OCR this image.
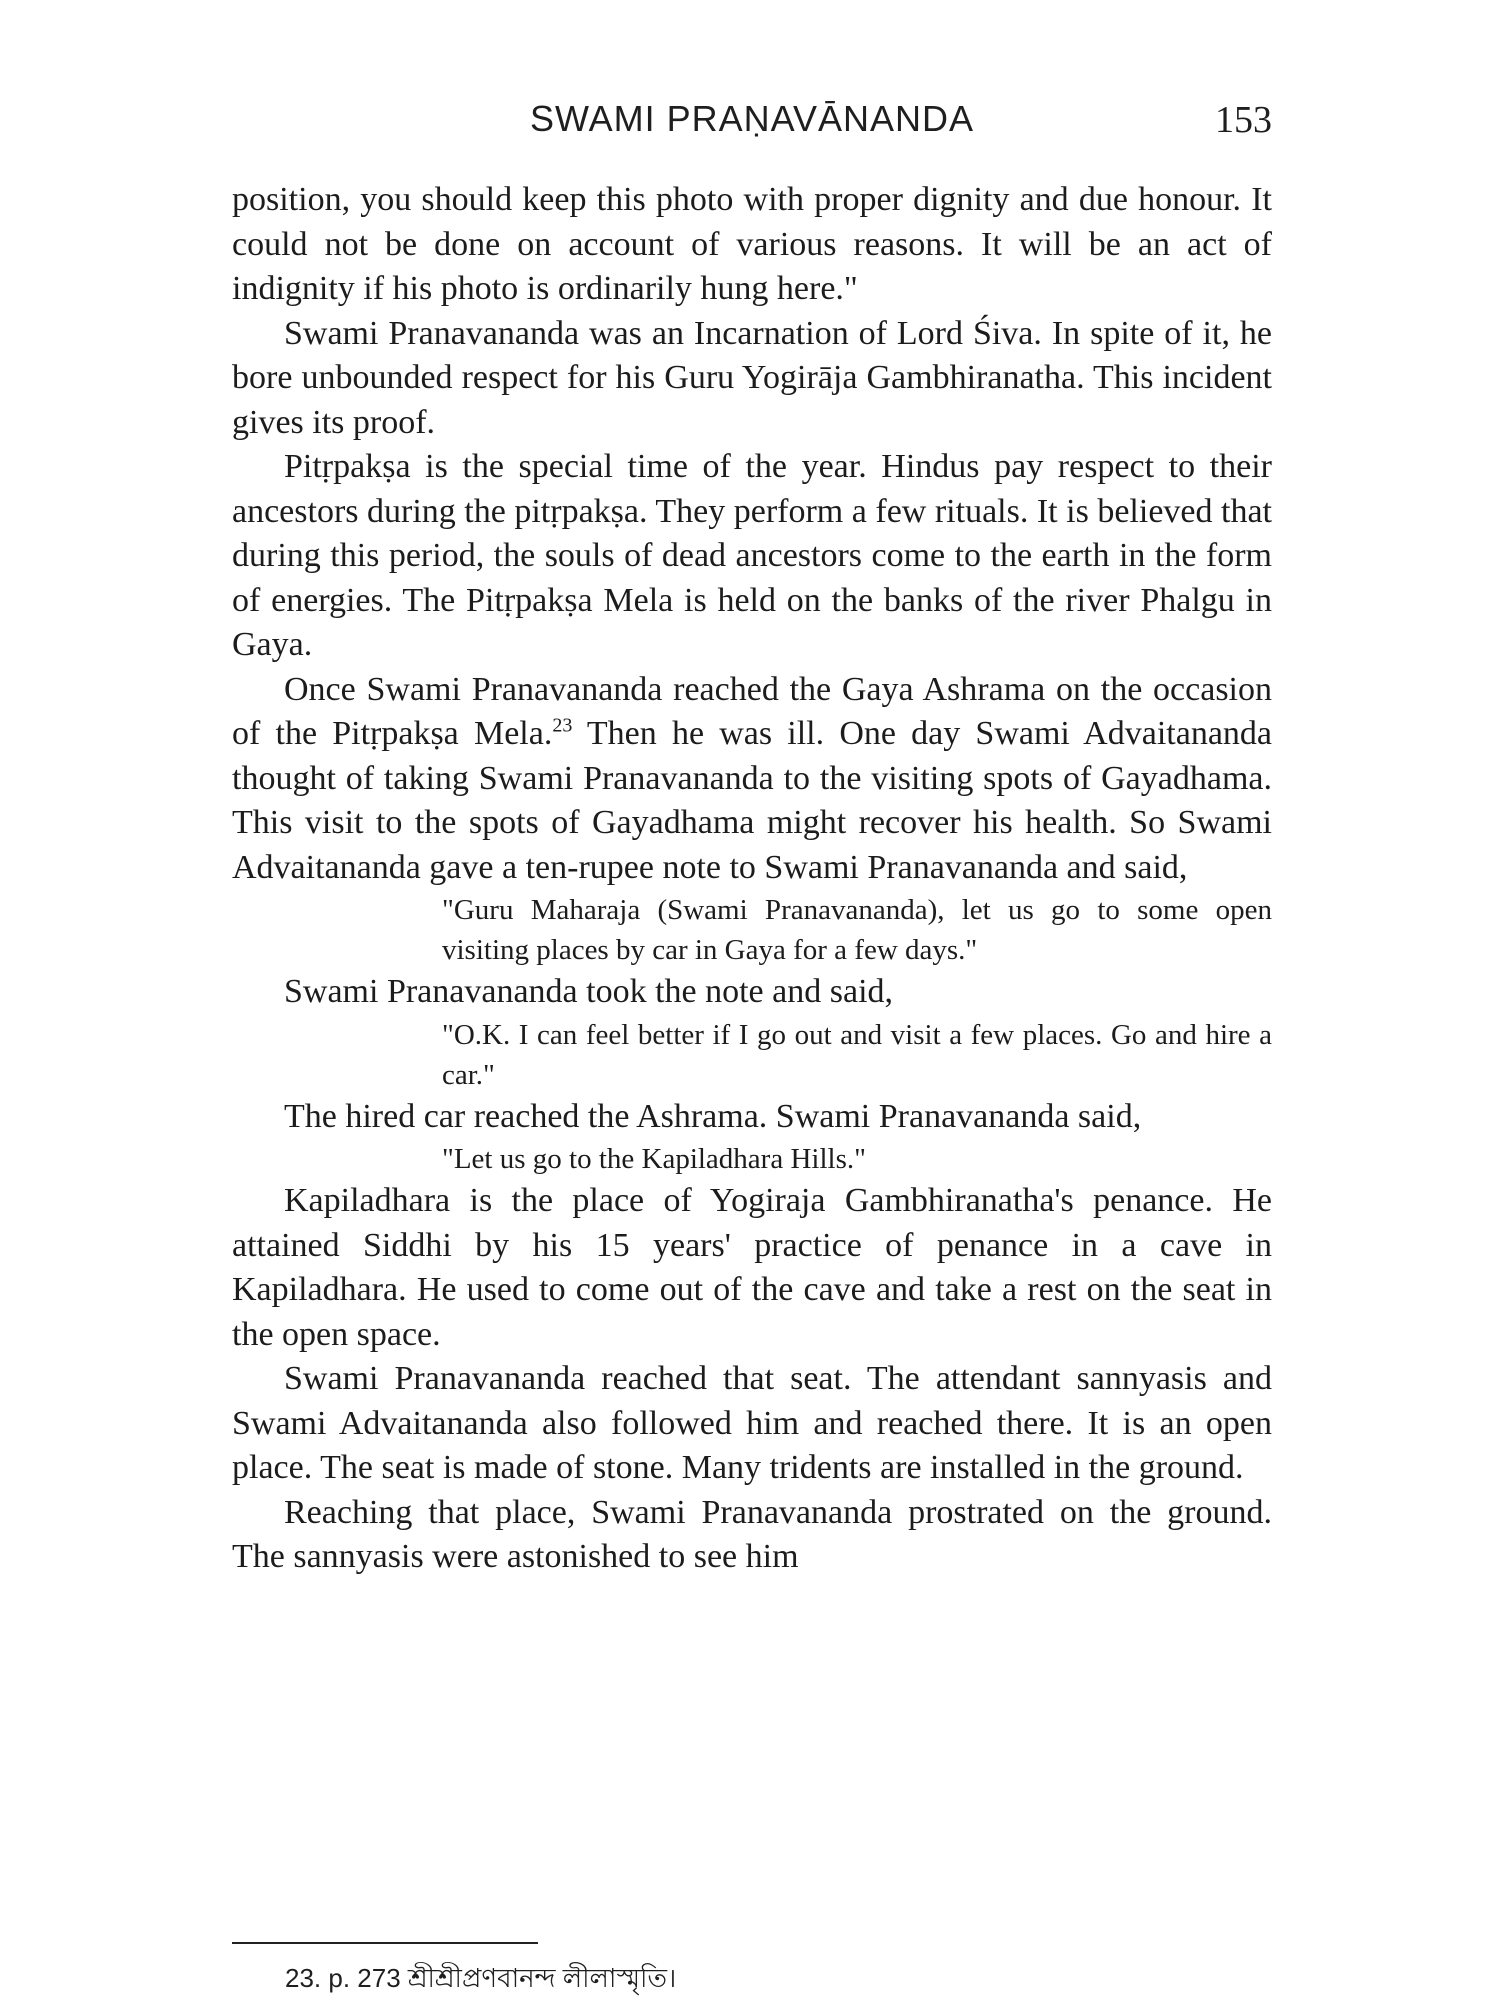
SWAMI PRAṆAVĀNANDA	153

position, you should keep this photo with proper dignity and due honour. It could not be done on account of various reasons. It will be an act of indignity if his photo is ordinarily hung here."

Swami Pranavananda was an Incarnation of Lord Śiva. In spite of it, he bore unbounded respect for his Guru Yogirāja Gambhiranatha. This incident gives its proof.

Pitṛpakṣa is the special time of the year. Hindus pay respect to their ancestors during the pitṛpakṣa. They perform a few rituals. It is believed that during this period, the souls of dead ancestors come to the earth in the form of energies. The Pitṛpakṣa Mela is held on the banks of the river Phalgu in Gaya.

Once Swami Pranavananda reached the Gaya Ashrama on the occasion of the Pitṛpakṣa Mela.$^{23}$ Then he was ill. One day Swami Advaitananda thought of taking Swami Pranavananda to the visiting spots of Gayadhama. This visit to the spots of Gayadhama might recover his health. So Swami Advaitananda gave a ten-rupee note to Swami Pranavananda and said,

"Guru Maharaja (Swami Pranavananda), let us go to some open visiting places by car in Gaya for a few days."

Swami Pranavananda took the note and said,

"O.K. I can feel better if I go out and visit a few places. Go and hire a car."

The hired car reached the Ashrama. Swami Pranavananda said,

"Let us go to the Kapiladhara Hills."

Kapiladhara is the place of Yogiraja Gambhiranatha's penance. He attained Siddhi by his 15 years' practice of penance in a cave in Kapiladhara. He used to come out of the cave and take a rest on the seat in the open space.

Swami Pranavananda reached that seat. The attendant sannyasis and Swami Advaitananda also followed him and reached there. It is an open place. The seat is made of stone. Many tridents are installed in the ground.

Reaching that place, Swami Pranavananda prostrated on the ground. The sannyasis were astonished to see him

23. p. 273 শ্রীশ্রীপ্রণবানন্দ লীলাস্মৃতি।
